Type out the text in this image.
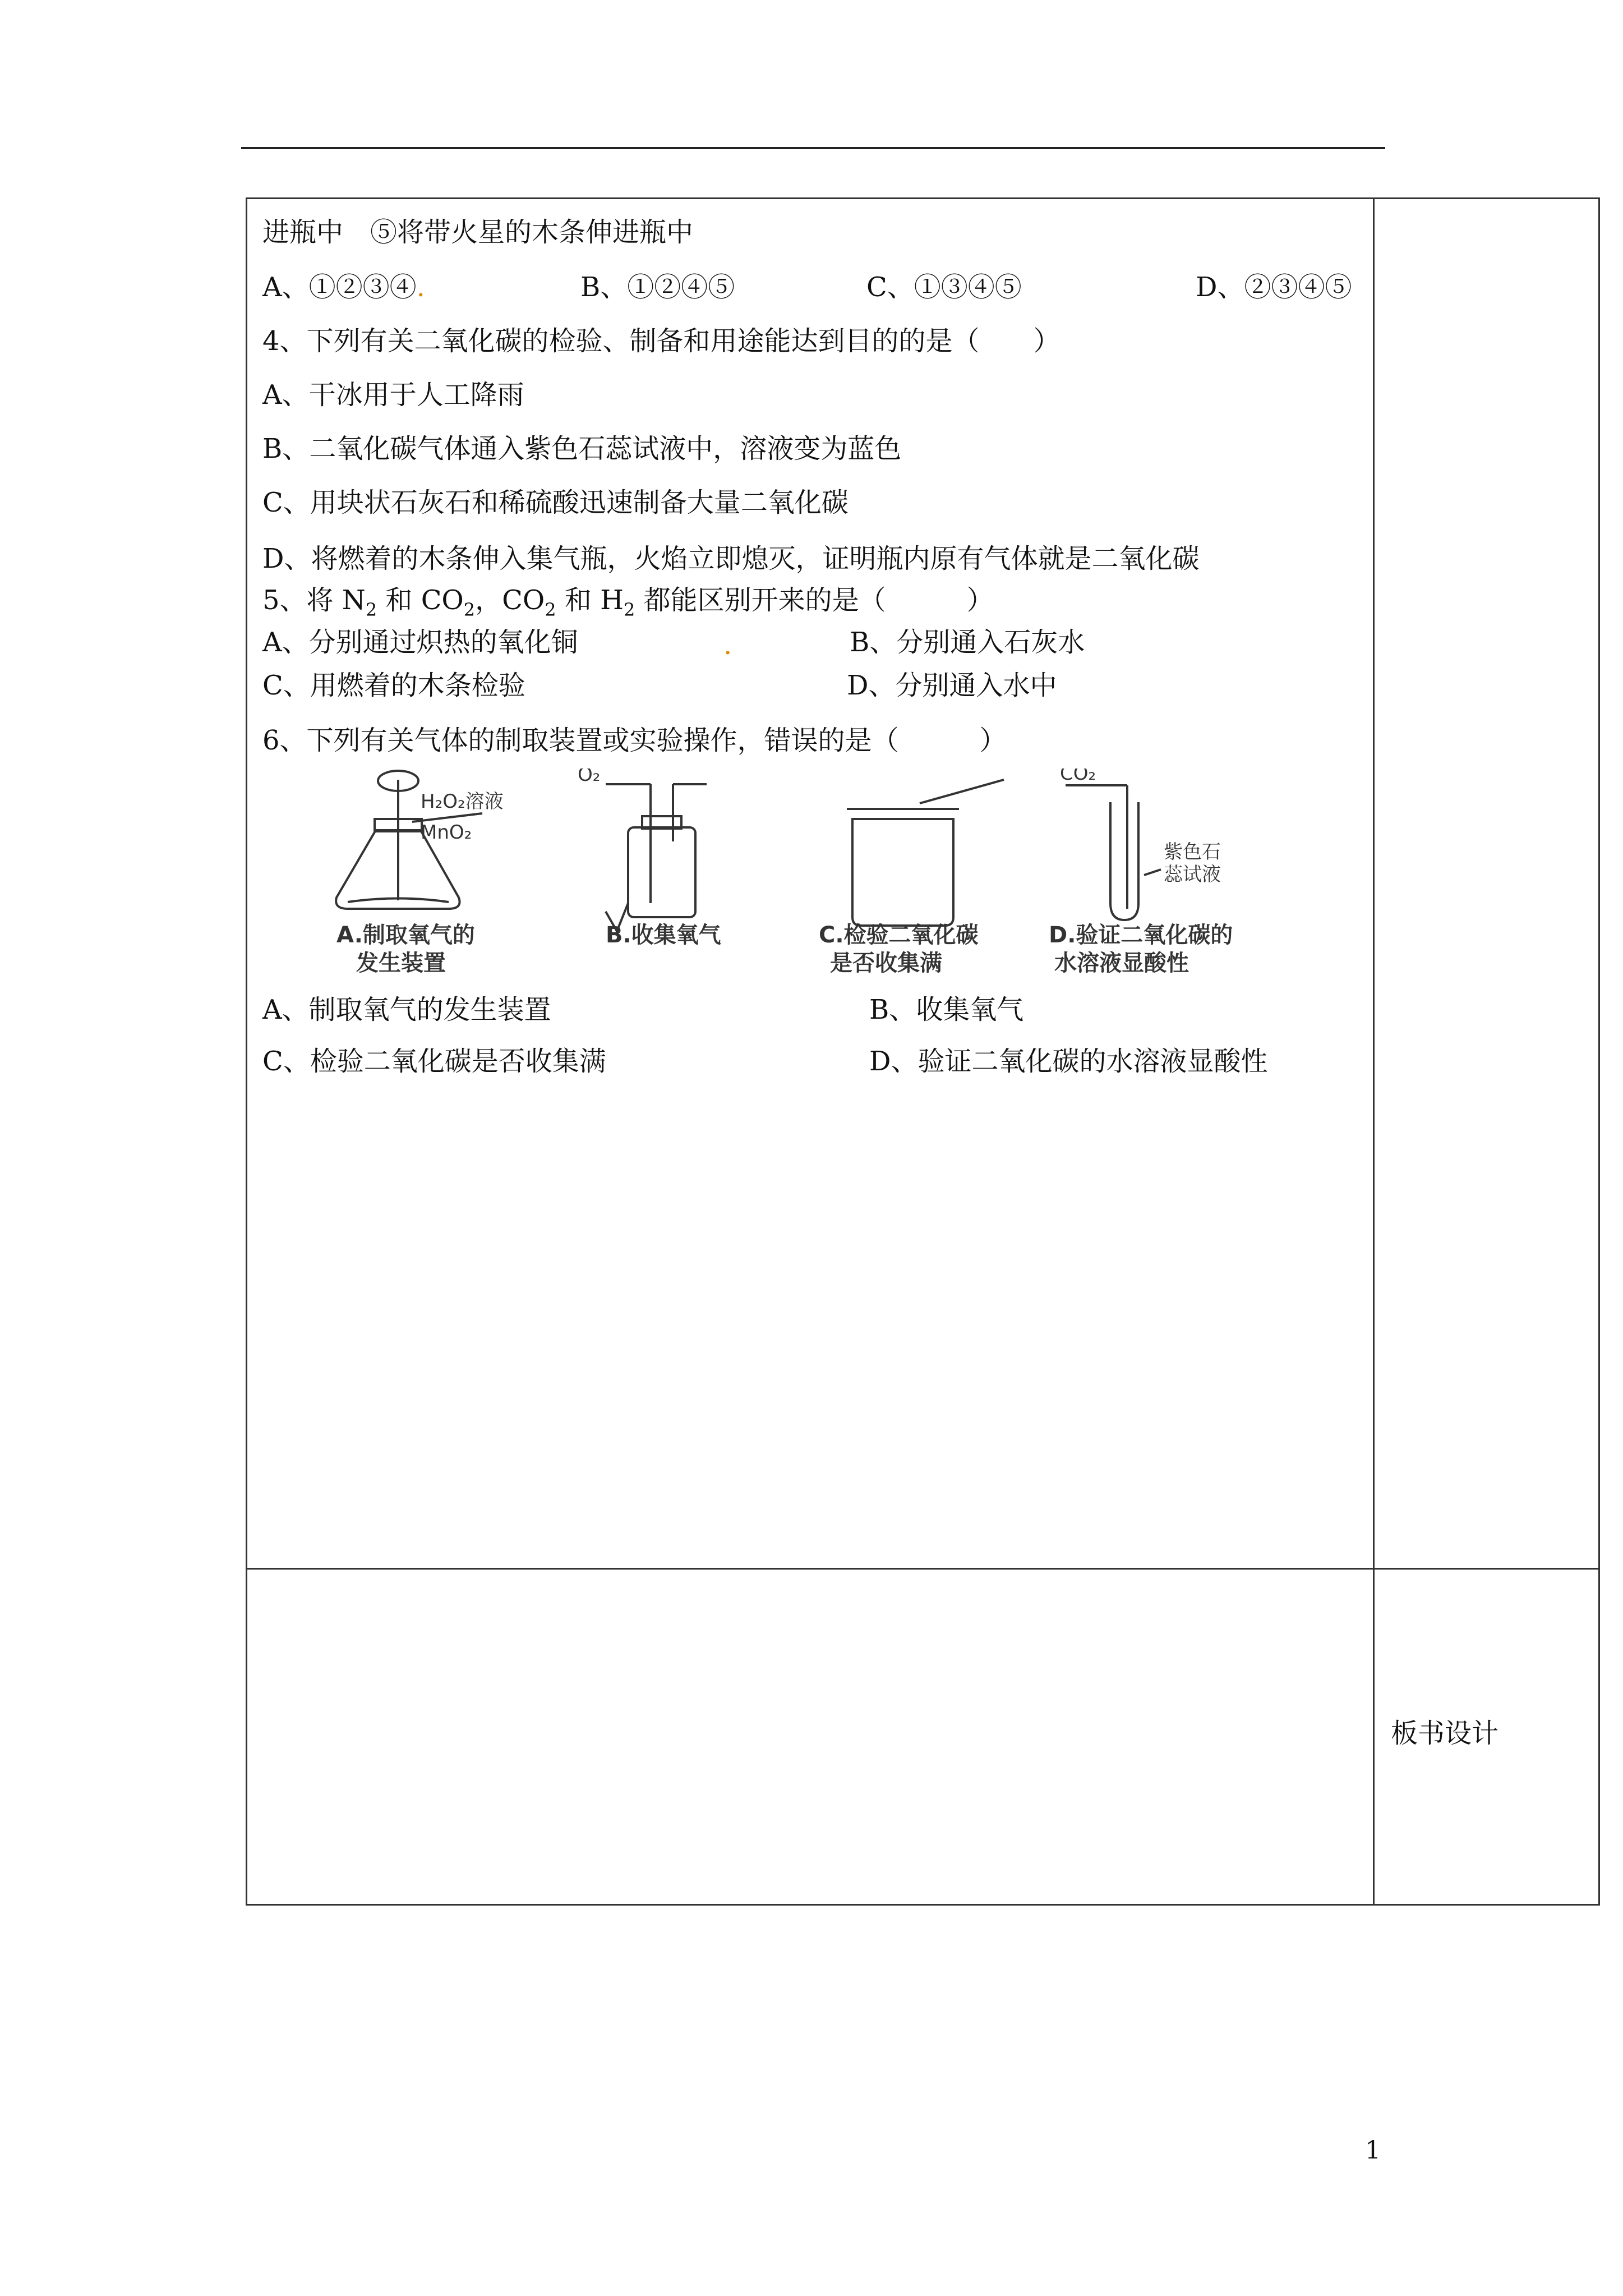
进瓶中　⑤将带火星的木条伸进瓶中
A、①②③④.	B、①②④⑤	C、①③④⑤	D、②③④⑤
4、下列有关二氧化碳的检验、制备和用途能达到目的的是（　　）
A、干冰用于人工降雨
B、二氧化碳气体通入紫色石蕊试液中，溶液变为蓝色
C、用块状石灰石和稀硫酸迅速制备大量二氧化碳
D、将燃着的木条伸入集气瓶，火焰立即熄灭，证明瓶内原有气体就是二氧化碳
5、将 $N_2$ 和 $CO_2$，$CO_2$ 和 $H_2$ 都能区别开来的是（　　　）
A、分别通过炽热的氧化铜	.	B、分别通入石灰水
C、用燃着的木条检验	D、分别通入水中
6、下列有关气体的制取装置或实验操作，错误的是（　　　）
H₂O₂溶液
MnO₂
A.制取氧气的
发生装置
O₂
B.收集氧气	C.检验二氧化碳
是否收集满
CO₂
紫色石
蕊试液
D.验证二氧化碳的
水溶液显酸性
A、制取氧气的发生装置	B、收集氧气
C、检验二氧化碳是否收集满	D、验证二氧化碳的水溶液显酸性
板书设计
1
